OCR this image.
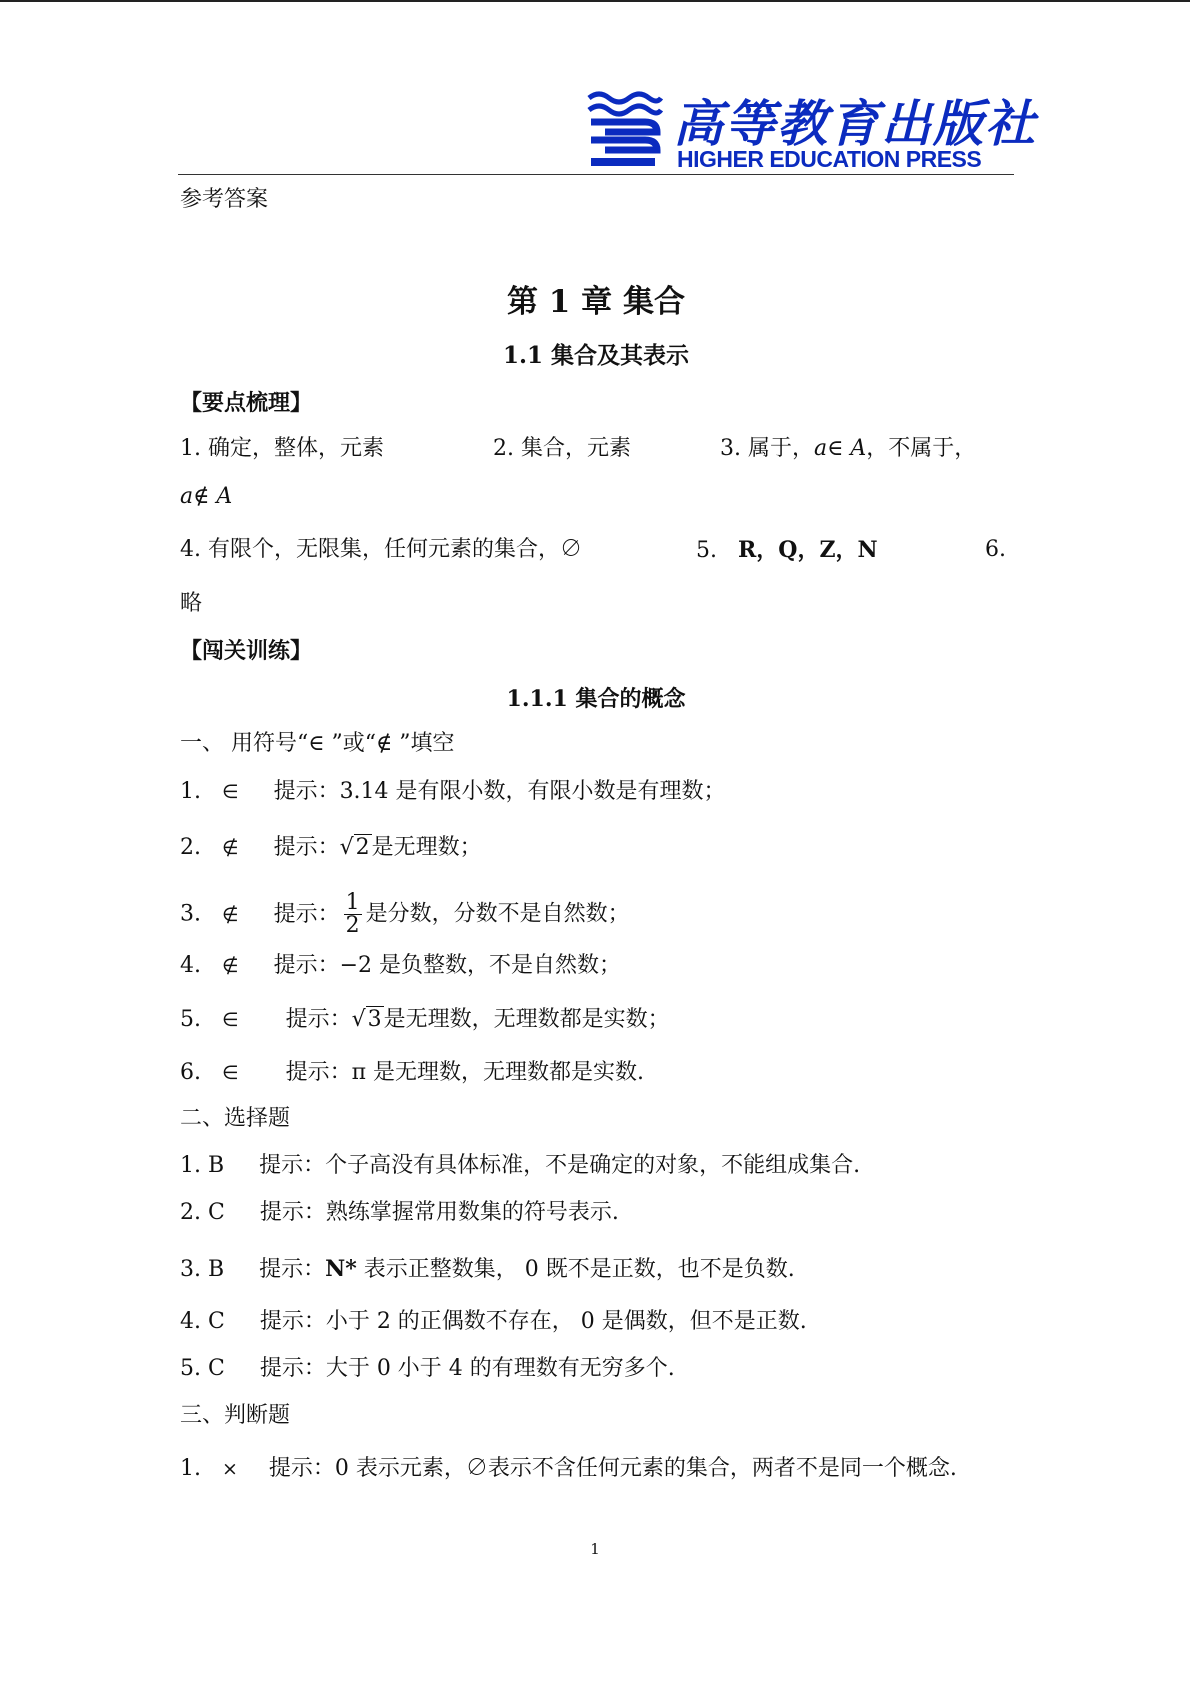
高等教育出版社
HIGHER EDUCATION PRESS
参考答案
第 1 章 集合
1.1 集合及其表示
【要点梳理】
1. 确定，整体，元素	2. 集合，元素	3. 属于，a∈ A，不属于，
a∉ A
4. 有限个，无限集，任何元素的集合，∅	5. R，Q，Z，N	6.
略
【闯关训练】
1.1.1 集合的概念
一、 用符号“∈ ”或“∉ ”填空
1. ∈ 提示：3.14 是有限小数，有限小数是有理数；
2. ∉ 提示：√2是无理数；
3. ∉ 提示： $\frac{1}{2}$ 是分数，分数不是自然数；
4. ∉ 提示：−2 是负整数，不是自然数；
5. ∈ 提示：√3是无理数，无理数都是实数；
6. ∈ 提示：π 是无理数，无理数都是实数.
二、选择题
1. B 提示：个子高没有具体标准，不是确定的对象，不能组成集合.
2. C 提示：熟练掌握常用数集的符号表示.
3. B 提示：N* 表示正整数集， 0 既不是正数，也不是负数.
4. C 提示：小于 2 的正偶数不存在， 0 是偶数，但不是正数.
5. C 提示：大于 0 小于 4 的有理数有无穷多个.
三、判断题
1. × 提示：0 表示元素，∅表示不含任何元素的集合，两者不是同一个概念.
1
